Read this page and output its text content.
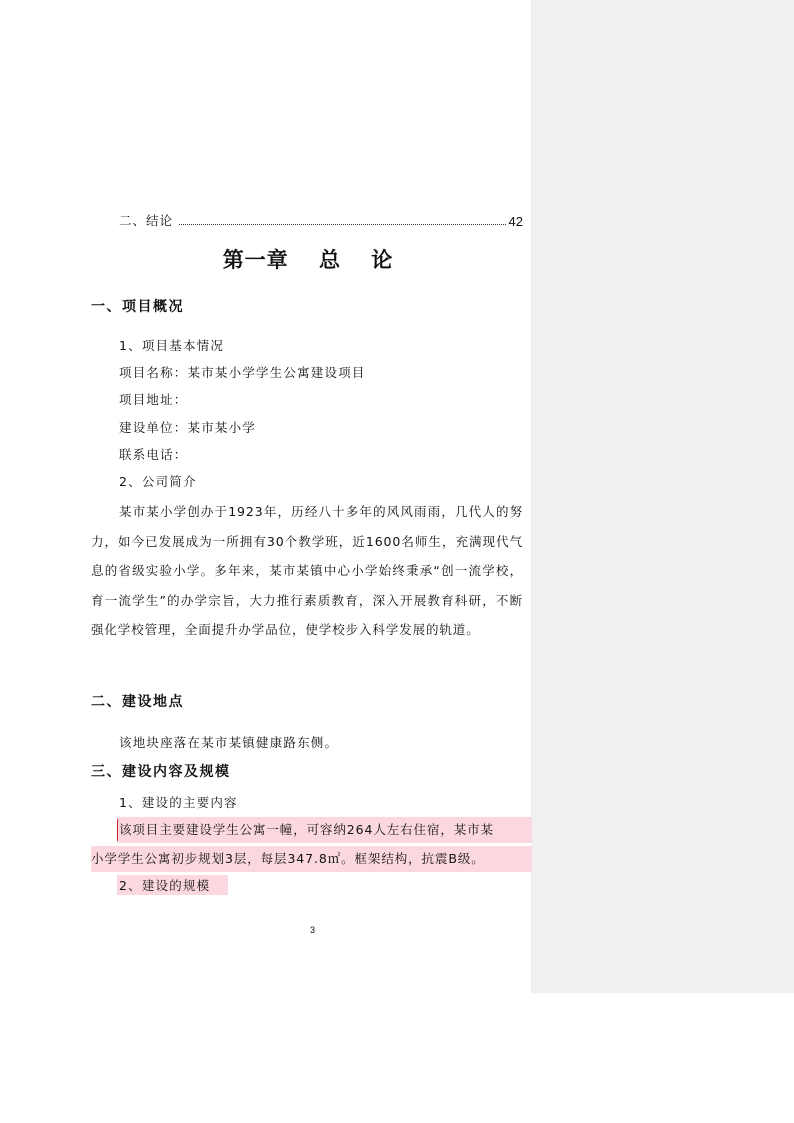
二、结论	42
第一章 总 论
一、项目概况
1、项目基本情况
项目名称：某市某小学学生公寓建设项目
项目地址：
建设单位：某市某小学
联系电话：
2、公司简介
某市某小学创办于1923年，历经八十多年的风风雨雨，几代人的努力，如今已发展成为一所拥有30个教学班，近1600名师生，充满现代气息的省级实验小学。多年来，某市某镇中心小学始终秉承“创一流学校，育一流学生”的办学宗旨，大力推行素质教育，深入开展教育科研，不断强化学校管理，全面提升办学品位，使学校步入科学发展的轨道。
二、建设地点
该地块座落在某市某镇健康路东侧。
三、建设内容及规模
1、建设的主要内容
该项目主要建设学生公寓一幢，可容纳264人左右住宿，某市某
小学学生公寓初步规划3层，每层347.8㎡。框架结构，抗震B级。
2、建设的规模
3
